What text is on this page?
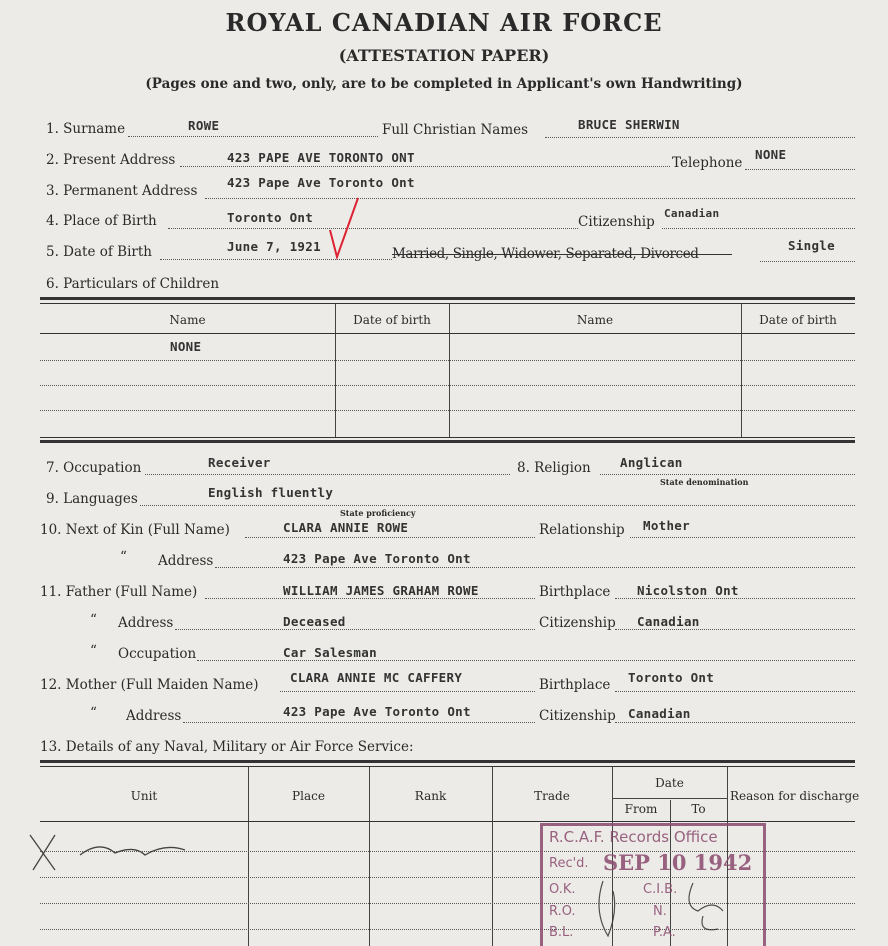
ROYAL CANADIAN AIR FORCE
(ATTESTATION PAPER)
(Pages one and two, only, are to be completed in Applicant's own Handwriting)
1. Surname	ROWE	Full Christian Names	BRUCE SHERWIN
2. Present Address	423 PAPE AVE TORONTO ONT	Telephone
NONE
3. Permanent Address
423 Pape Ave Toronto Ont
4. Place of Birth	Toronto Ont	Citizenship
Canadian
5. Date of Birth	June 7, 1921	Married, Single, Widower, Separated, Divorced
Single
6. Particulars of Children
Name	Date of birth	Name	Date of birth
NONE
7. Occupation	Receiver	8. Religion Anglican
State denomination
9. Languages	English fluently
State proficiency
10. Next of Kin (Full Name)	CLARA ANNIE ROWE	Relationship Mother
“ Address	423 Pape Ave Toronto Ont
11. Father (Full Name)	WILLIAM JAMES GRAHAM ROWE	Birthplace Nicolston Ont
“ Address	Deceased	Citizenship Canadian
“ Occupation	Car Salesman
12. Mother (Full Maiden Name)	CLARA ANNIE MC CAFFERY	Birthplace Toronto Ont
“ Address	423 Pape Ave Toronto Ont	Citizenship Canadian
13. Details of any Naval, Military or Air Force Service:
Unit	Place	Rank	Trade
Date
From	To
Reason for discharge
R.C.A.F. Records Office
Rec'd. SEP 10 1942
O.K.	C.I.B.
R.O.	N.
B.L.	P.A.
